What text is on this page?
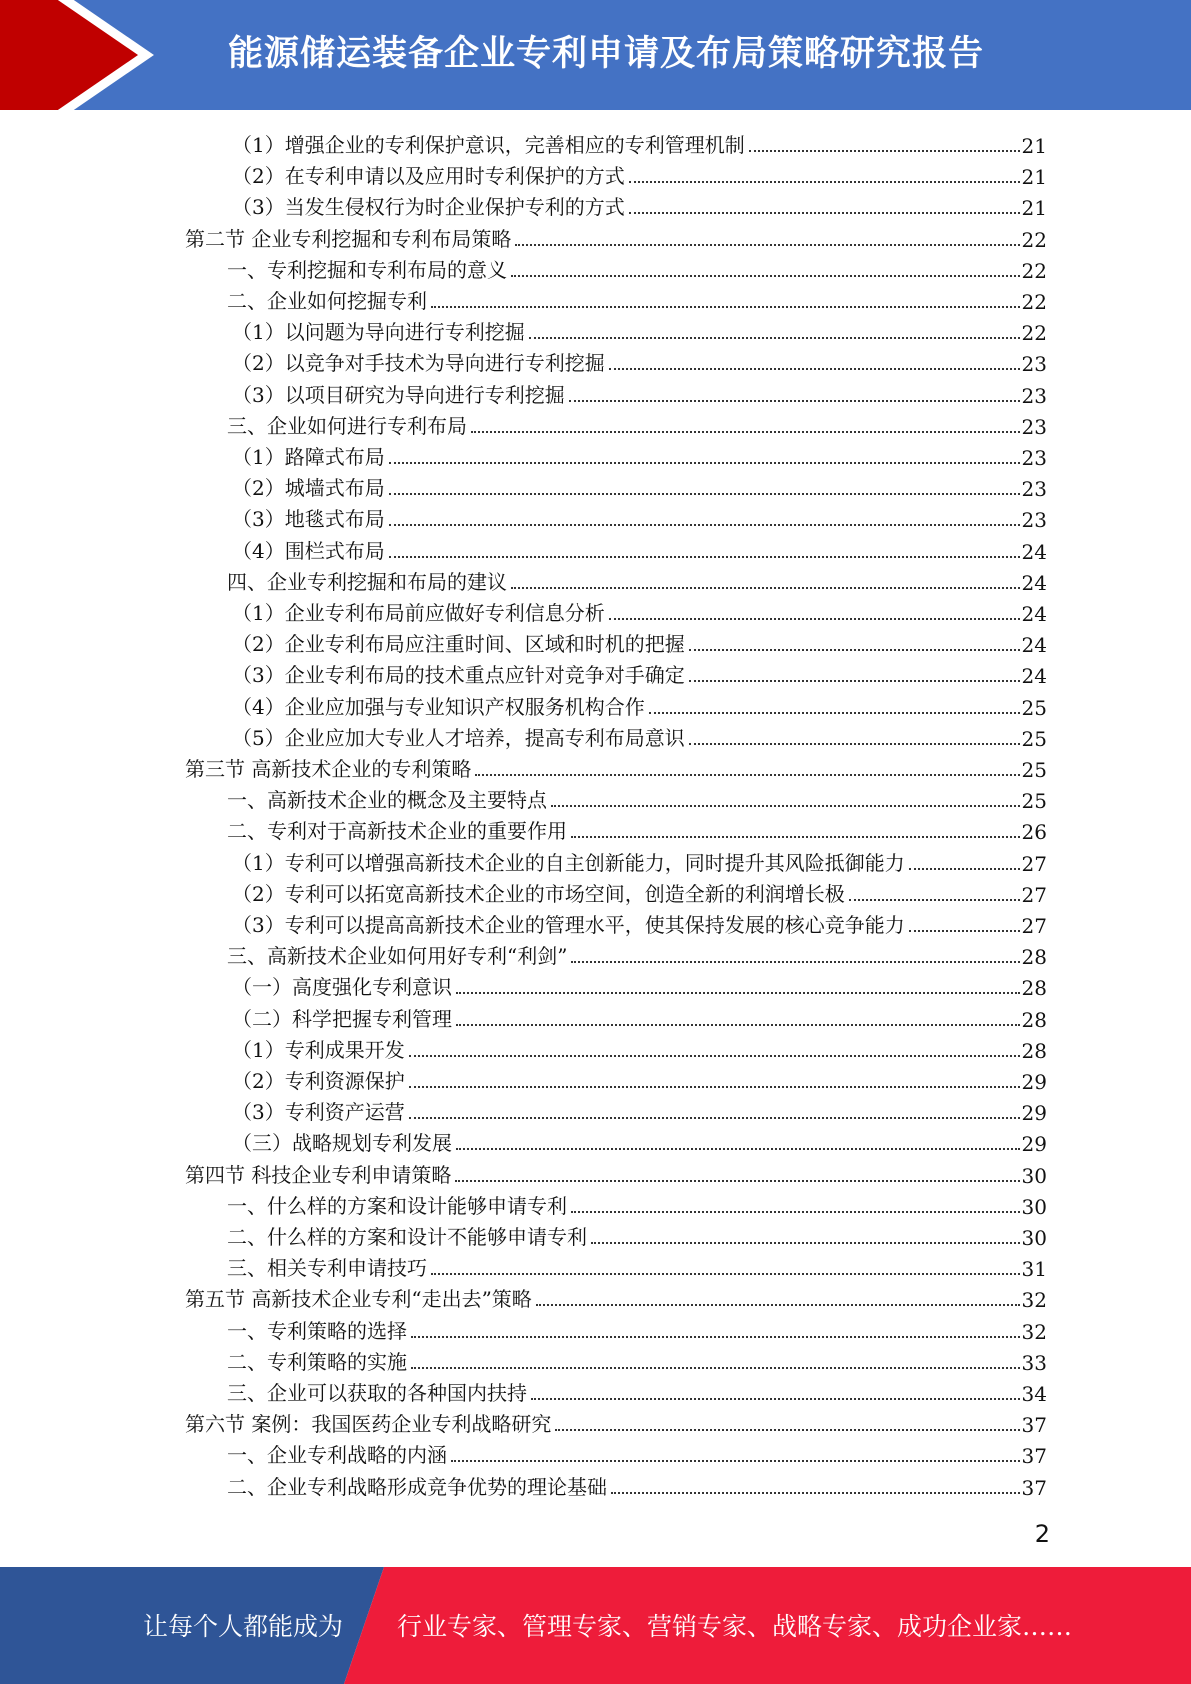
能源储运装备企业专利申请及布局策略研究报告
（1）增强企业的专利保护意识，完善相应的专利管理机制	21
（2）在专利申请以及应用时专利保护的方式	21
（3）当发生侵权行为时企业保护专利的方式	21
第二节 企业专利挖掘和专利布局策略	22
一、专利挖掘和专利布局的意义	22
二、企业如何挖掘专利	22
（1）以问题为导向进行专利挖掘	22
（2）以竞争对手技术为导向进行专利挖掘	23
（3）以项目研究为导向进行专利挖掘	23
三、企业如何进行专利布局	23
（1）路障式布局	23
（2）城墙式布局	23
（3）地毯式布局	23
（4）围栏式布局	24
四、企业专利挖掘和布局的建议	24
（1）企业专利布局前应做好专利信息分析	24
（2）企业专利布局应注重时间、区域和时机的把握	24
（3）企业专利布局的技术重点应针对竞争对手确定	24
（4）企业应加强与专业知识产权服务机构合作	25
（5）企业应加大专业人才培养，提高专利布局意识	25
第三节 高新技术企业的专利策略	25
一、高新技术企业的概念及主要特点	25
二、专利对于高新技术企业的重要作用	26
（1）专利可以增强高新技术企业的自主创新能力，同时提升其风险抵御能力	27
（2）专利可以拓宽高新技术企业的市场空间，创造全新的利润增长极	27
（3）专利可以提高高新技术企业的管理水平，使其保持发展的核心竞争能力	27
三、高新技术企业如何用好专利“利剑”	28
（一）高度强化专利意识	28
（二）科学把握专利管理	28
（1）专利成果开发	28
（2）专利资源保护	29
（3）专利资产运营	29
（三）战略规划专利发展	29
第四节 科技企业专利申请策略	30
一、什么样的方案和设计能够申请专利	30
二、什么样的方案和设计不能够申请专利	30
三、相关专利申请技巧	31
第五节 高新技术企业专利“走出去”策略	32
一、专利策略的选择	32
二、专利策略的实施	33
三、企业可以获取的各种国内扶持	34
第六节 案例：我国医药企业专利战略研究	37
一、企业专利战略的内涵	37
二、企业专利战略形成竞争优势的理论基础	37
2
让每个人都能成为 行业专家、管理专家、营销专家、战略专家、成功企业家……
